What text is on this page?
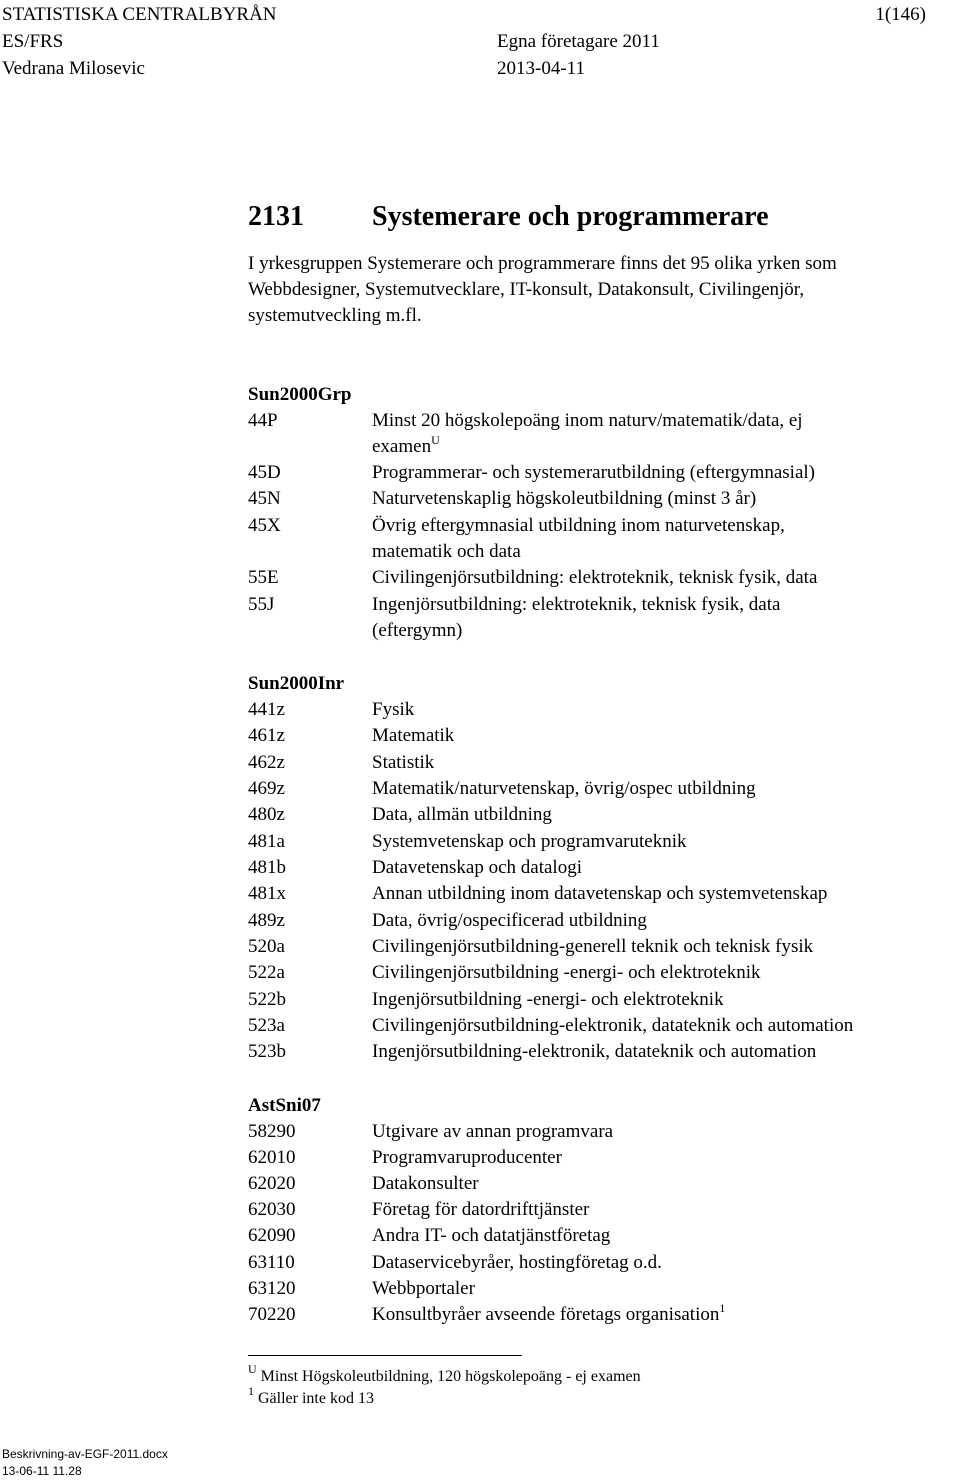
STATISTISKA CENTRALBYRÅN	1(146)
ES/FRS	Egna företagare 2011
Vedrana Milosevic	2013-04-11
2131 Systemerare och programmerare
I yrkesgruppen Systemerare och programmerare finns det 95 olika yrken som
Webbdesigner, Systemutvecklare, IT-konsult, Datakonsult, Civilingenjör,
systemutveckling m.fl.
Sun2000Grp
44P	Minst 20 högskolepoäng inom naturv/matematik/data, ej
examen$^U$
45D	Programmerar- och systemerarutbildning (eftergymnasial)
45N	Naturvetenskaplig högskoleutbildning (minst 3 år)
45X	Övrig eftergymnasial utbildning inom naturvetenskap,
matematik och data
55E	Civilingenjörsutbildning: elektroteknik, teknisk fysik, data
55J	Ingenjörsutbildning: elektroteknik, teknisk fysik, data
(eftergymn)
Sun2000Inr
441z	Fysik
461z	Matematik
462z	Statistik
469z	Matematik/naturvetenskap, övrig/ospec utbildning
480z	Data, allmän utbildning
481a	Systemvetenskap och programvaruteknik
481b	Datavetenskap och datalogi
481x	Annan utbildning inom datavetenskap och systemvetenskap
489z	Data, övrig/ospecificerad utbildning
520a	Civilingenjörsutbildning-generell teknik och teknisk fysik
522a	Civilingenjörsutbildning -energi- och elektroteknik
522b	Ingenjörsutbildning -energi- och elektroteknik
523a	Civilingenjörsutbildning-elektronik, datateknik och automation
523b	Ingenjörsutbildning-elektronik, datateknik och automation
AstSni07
58290	Utgivare av annan programvara
62010	Programvaruproducenter
62020	Datakonsulter
62030	Företag för datordrifttjänster
62090	Andra IT- och datatjänstföretag
63110	Dataservicebyråer, hostingföretag o.d.
63120	Webbportaler
70220	Konsultbyråer avseende företags organisation$^1$
$^U$ Minst Högskoleutbildning, 120 högskolepoäng - ej examen
$^1$ Gäller inte kod 13
Beskrivning-av-EGF-2011.docx
13-06-11 11.28
